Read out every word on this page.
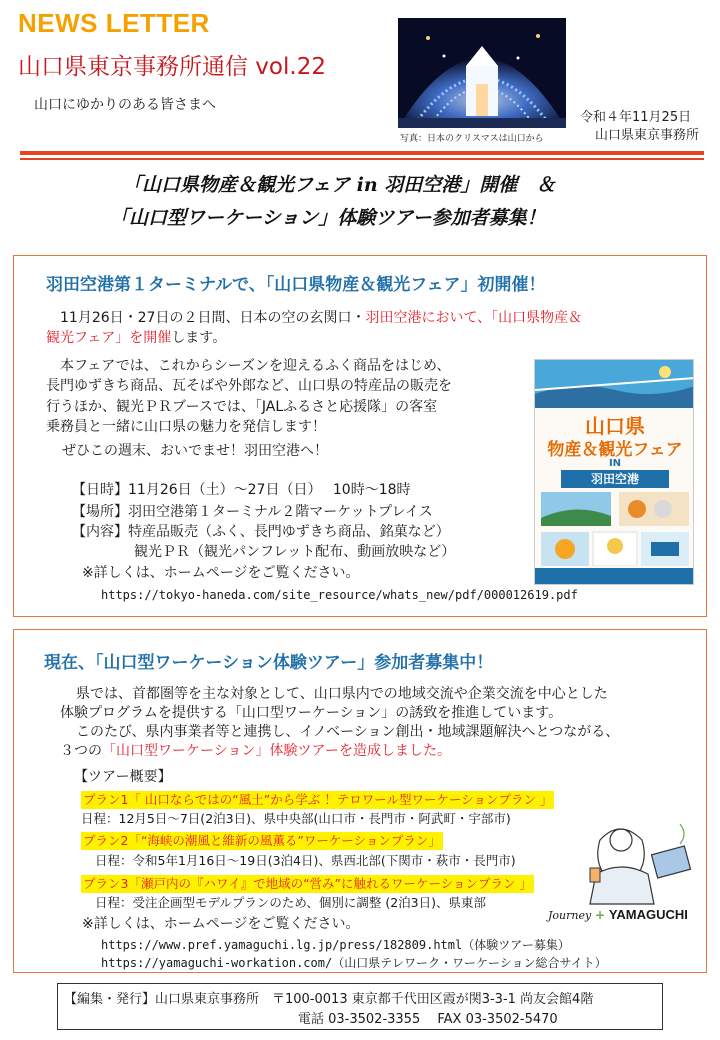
NEWS LETTER
山口県東京事務所通信 vol.22
山口にゆかりのある皆さまへ
写真：日本のクリスマスは山口から
令和４年11月25日
山口県東京事務所
「山口県物産＆観光フェア in 羽田空港」開催　＆
「山口型ワーケーション」体験ツアー参加者募集！
羽田空港第１ターミナルで、「山口県物産＆観光フェア」初開催！
11月26日・27日の２日間、日本の空の玄関口・羽田空港において、「山口県物産＆
観光フェア」を開催します。
本フェアでは、これからシーズンを迎えるふく商品をはじめ、
長門ゆずきち商品、瓦そばや外郎など、山口県の特産品の販売を
行うほか、観光ＰＲブースでは、「JALふるさと応援隊」の客室
乗務員と一緒に山口県の魅力を発信します！
ぜひこの週末、おいでませ！羽田空港へ！
【日時】11月26日（土）～27日（日）　 10時～18時
【場所】羽田空港第１ターミナル２階マーケットプレイス
【内容】特産品販売（ふく、長門ゆずきち商品、銘菓など）
観光ＰＲ（観光パンフレット配布、動画放映など）
※詳しくは、ホームページをご覧ください。
https://tokyo-haneda.com/site_resource/whats_new/pdf/000012619.pdf
山口県
物産＆観光フェア
IN
羽田空港
現在、「山口型ワーケーション体験ツアー」参加者募集中！
県では、首都圏等を主な対象として、山口県内での地域交流や企業交流を中心とした
体験プログラムを提供する「山口型ワーケーション」の誘致を推進しています。
このたび、県内事業者等と連携し、イノベーション創出・地域課題解決へとつながる、
３つの「山口型ワーケーション」体験ツアーを造成しました。
【ツアー概要】
プラン1「 山口ならではの“風土”から学ぶ ！テロワール型ワーケーションプラン 」
日程：12月5日～7日(2泊3日)、県中央部(山口市・長門市・阿武町・宇部市)
プラン2「“海峡の潮風と維新の風薫る”ワーケーションプラン」
日程：令和5年1月16日～19日(3泊4日)、県西北部(下関市・萩市・長門市)
プラン3「瀬戸内の『ハワイ』で地域の“営み”に触れるワーケーションプラン 」
日程：受注企画型モデルプランのため、個別に調整 (2泊3日)、県東部
※詳しくは、ホームページをご覧ください。
https://www.pref.yamaguchi.lg.jp/press/182809.html（体験ツアー募集）
https://yamaguchi-workation.com/（山口県テレワーク・ワーケーション総合サイト）
Journey + YAMAGUCHI
【編集・発行】山口県東京事務所　〒100-0013 東京都千代田区霞が関3-3-1 尚友会館4階
電話 03-3502-3355　 FAX 03-3502-5470
